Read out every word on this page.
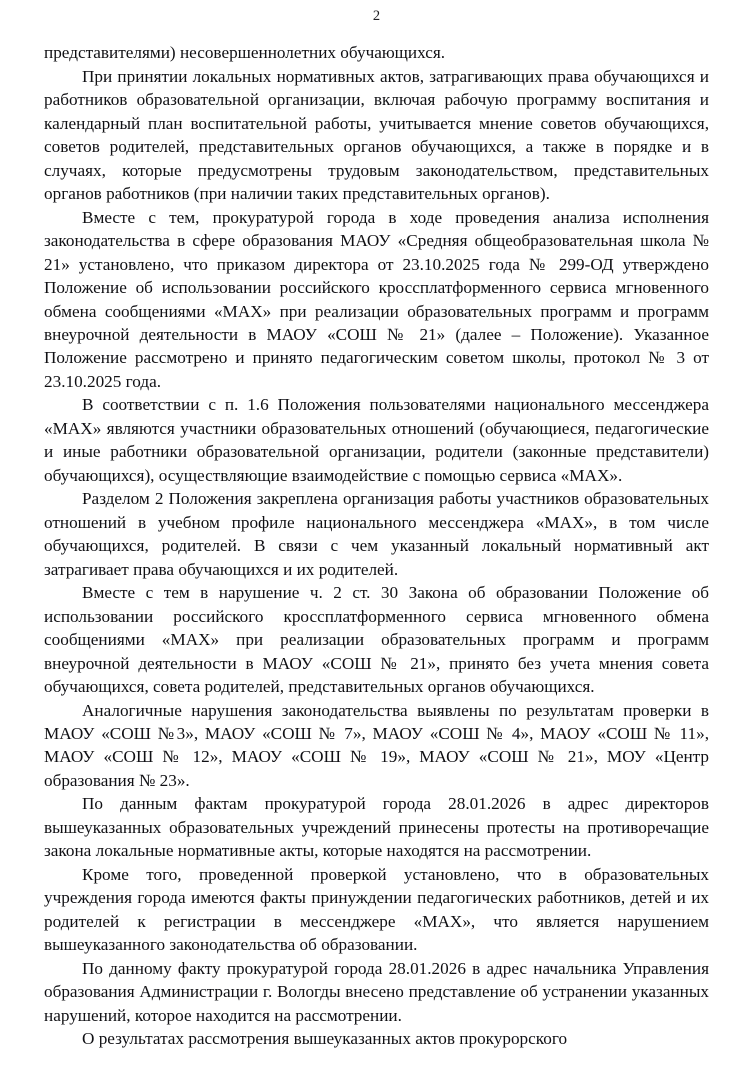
2

представителями) несовершеннолетних обучающихся.

При принятии локальных нормативных актов, затрагивающих права обучающихся и работников образовательной организации, включая рабочую программу воспитания и календарный план воспитательной работы, учитывается мнение советов обучающихся, советов родителей, представительных органов обучающихся, а также в порядке и в случаях, которые предусмотрены трудовым законодательством, представительных органов работников (при наличии таких представительных органов).

Вместе с тем, прокуратурой города в ходе проведения анализа исполнения законодательства в сфере образования МАОУ «Средняя общеобразовательная школа № 21» установлено, что приказом директора от 23.10.2025 года № 299-ОД утверждено Положение об использовании российского кроссплатформенного сервиса мгновенного обмена сообщениями «МАХ» при реализации образовательных программ и программ внеурочной деятельности в МАОУ «СОШ № 21» (далее – Положение). Указанное Положение рассмотрено и принято педагогическим советом школы, протокол № 3 от 23.10.2025 года.

В соответствии с п. 1.6 Положения пользователями национального мессенджера «МАХ» являются участники образовательных отношений (обучающиеся, педагогические и иные работники образовательной организации, родители (законные представители) обучающихся), осуществляющие взаимодействие с помощью сервиса «МАХ».

Разделом 2 Положения закреплена организация работы участников образовательных отношений в учебном профиле национального мессенджера «МАХ», в том числе обучающихся, родителей. В связи с чем указанный локальный нормативный акт затрагивает права обучающихся и их родителей.

Вместе с тем в нарушение ч. 2 ст. 30 Закона об образовании Положение об использовании российского кроссплатформенного сервиса мгновенного обмена сообщениями «МАХ» при реализации образовательных программ и программ внеурочной деятельности в МАОУ «СОШ № 21», принято без учета мнения совета обучающихся, совета родителей, представительных органов обучающихся.

Аналогичные нарушения законодательства выявлены по результатам проверки в МАОУ «СОШ №3», МАОУ «СОШ № 7», МАОУ «СОШ № 4», МАОУ «СОШ № 11», МАОУ «СОШ № 12», МАОУ «СОШ № 19», МАОУ «СОШ № 21», МОУ «Центр образования № 23».

По данным фактам прокуратурой города 28.01.2026 в адрес директоров вышеуказанных образовательных учреждений принесены протесты на противоречащие закона локальные нормативные акты, которые находятся на рассмотрении.

Кроме того, проведенной проверкой установлено, что в образовательных учреждения города имеются факты принуждении педагогических работников, детей и их родителей к регистрации в мессенджере «МАХ», что является нарушением вышеуказанного законодательства об образовании.

По данному факту прокуратурой города 28.01.2026 в адрес начальника Управления образования Администрации г. Вологды внесено представление об устранении указанных нарушений, которое находится на рассмотрении.

О результатах рассмотрения вышеуказанных актов прокурорского
